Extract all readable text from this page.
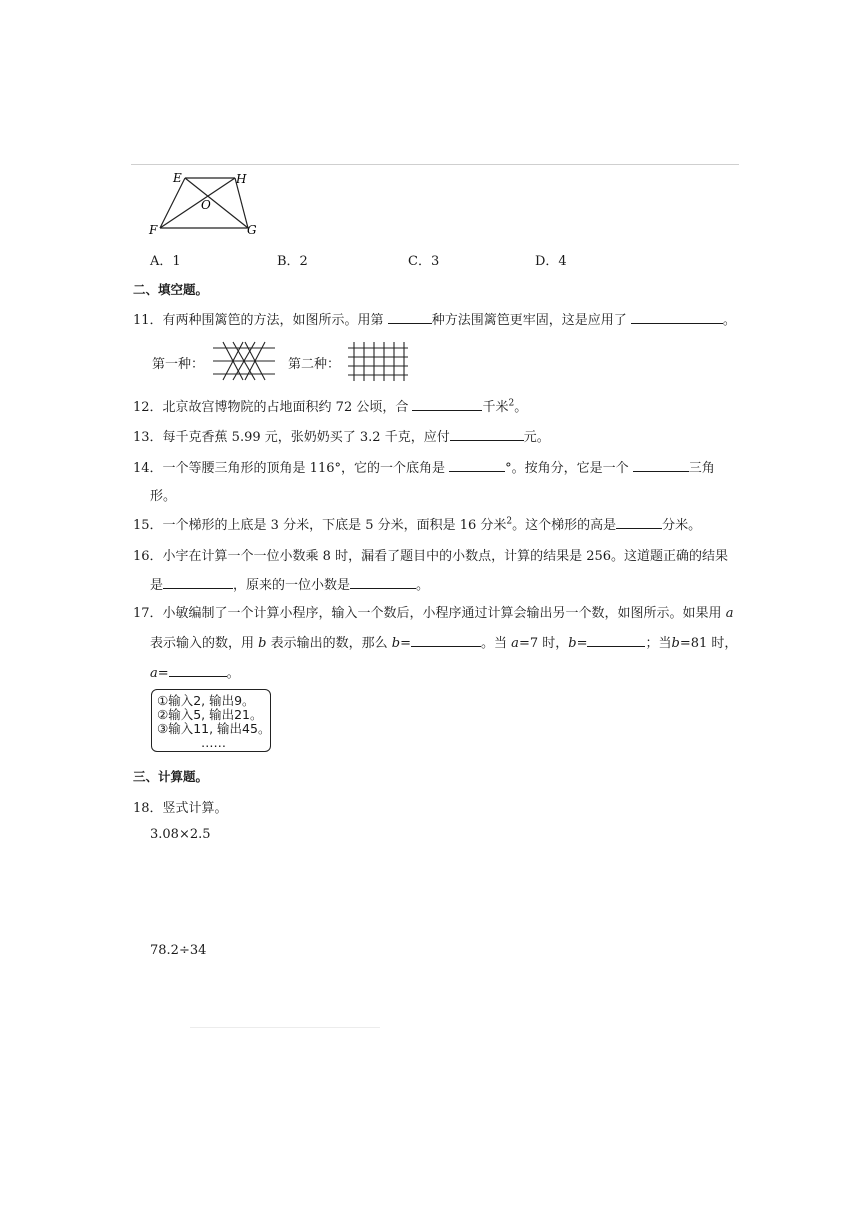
E	H
O
F	G
A．1	B．2	C．3	D．4
二、填空题。
11．有两种围篱笆的方法，如图所示。用第	种方法围篱笆更牢固，这是应用了	。
第一种：	第二种：
12．北京故宫博物院的占地面积约 72 公顷，合	千米$^2$。
13．每千克香蕉 5.99 元，张奶奶买了 3.2 千克，应付	元。
14．一个等腰三角形的顶角是 116°，它的一个底角是	°。按角分，它是一个	三角
形。
15．一个梯形的上底是 3 分米，下底是 5 分米，面积是 16 分米$^2$。这个梯形的高是	分米。
16．小宇在计算一个一位小数乘 8 时，漏看了题目中的小数点，计算的结果是 256。这道题正确的结果
是	，原来的一位小数是	。
17．小敏编制了一个计算小程序，输入一个数后，小程序通过计算会输出另一个数，如图所示。如果用 a
表示输入的数，用 b 表示输出的数，那么 b=	。当 a=7 时，b=	；当b=81 时，
a=	。
①输入2, 输出9。
②输入5, 输出21。
③输入11, 输出45。
……
三、计算题。
18．竖式计算。
3.08×2.5
78.2÷34
